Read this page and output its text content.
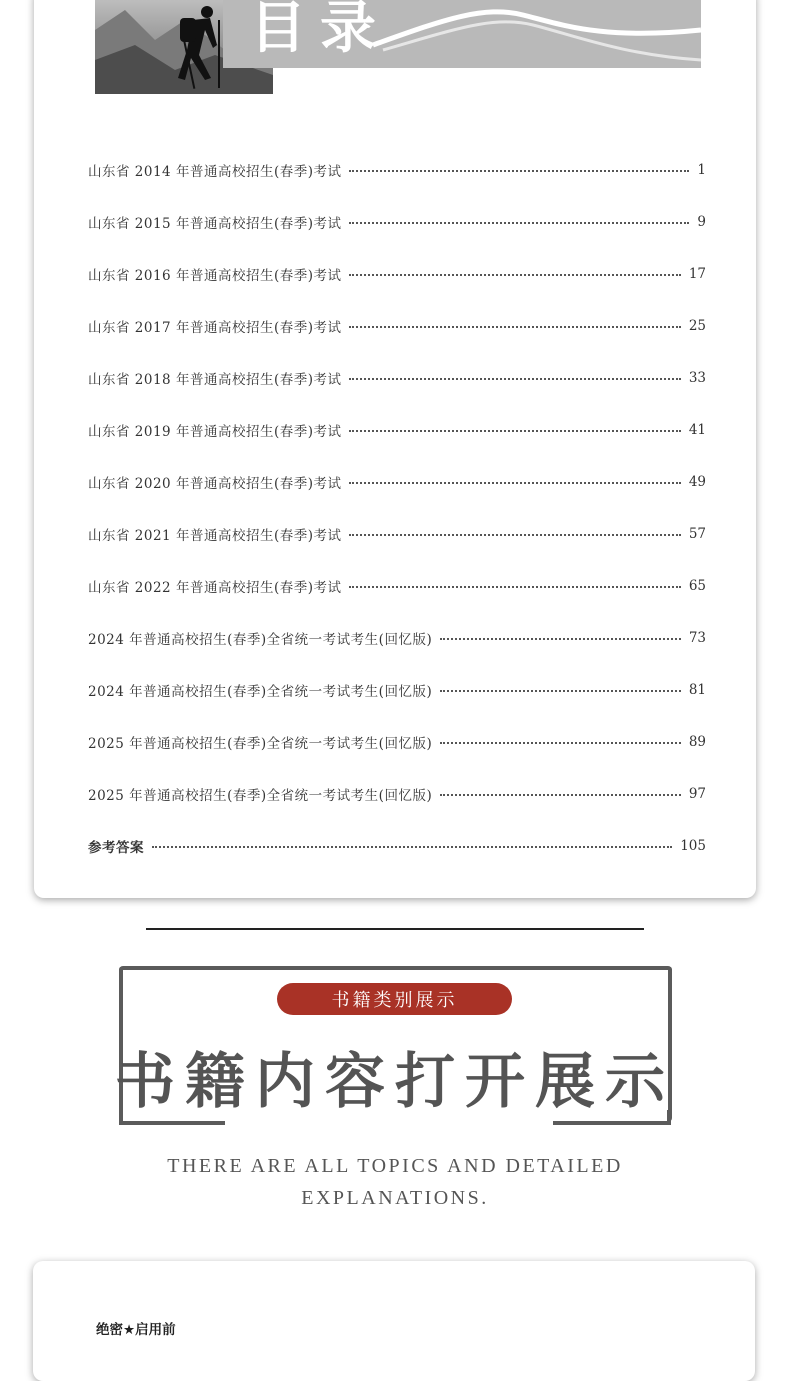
目录
山东省 2014 年普通高校招生(春季)考试	1
山东省 2015 年普通高校招生(春季)考试	9
山东省 2016 年普通高校招生(春季)考试	17
山东省 2017 年普通高校招生(春季)考试	25
山东省 2018 年普通高校招生(春季)考试	33
山东省 2019 年普通高校招生(春季)考试	41
山东省 2020 年普通高校招生(春季)考试	49
山东省 2021 年普通高校招生(春季)考试	57
山东省 2022 年普通高校招生(春季)考试	65
2024 年普通高校招生(春季)全省统一考试考生(回忆版)	73
2024 年普通高校招生(春季)全省统一考试考生(回忆版)	81
2025 年普通高校招生(春季)全省统一考试考生(回忆版)	89
2025 年普通高校招生(春季)全省统一考试考生(回忆版)	97
参考答案	105
书籍类别展示
书籍内容打开展示
THERE ARE ALL TOPICS AND DETAILED
EXPLANATIONS.
绝密★启用前
